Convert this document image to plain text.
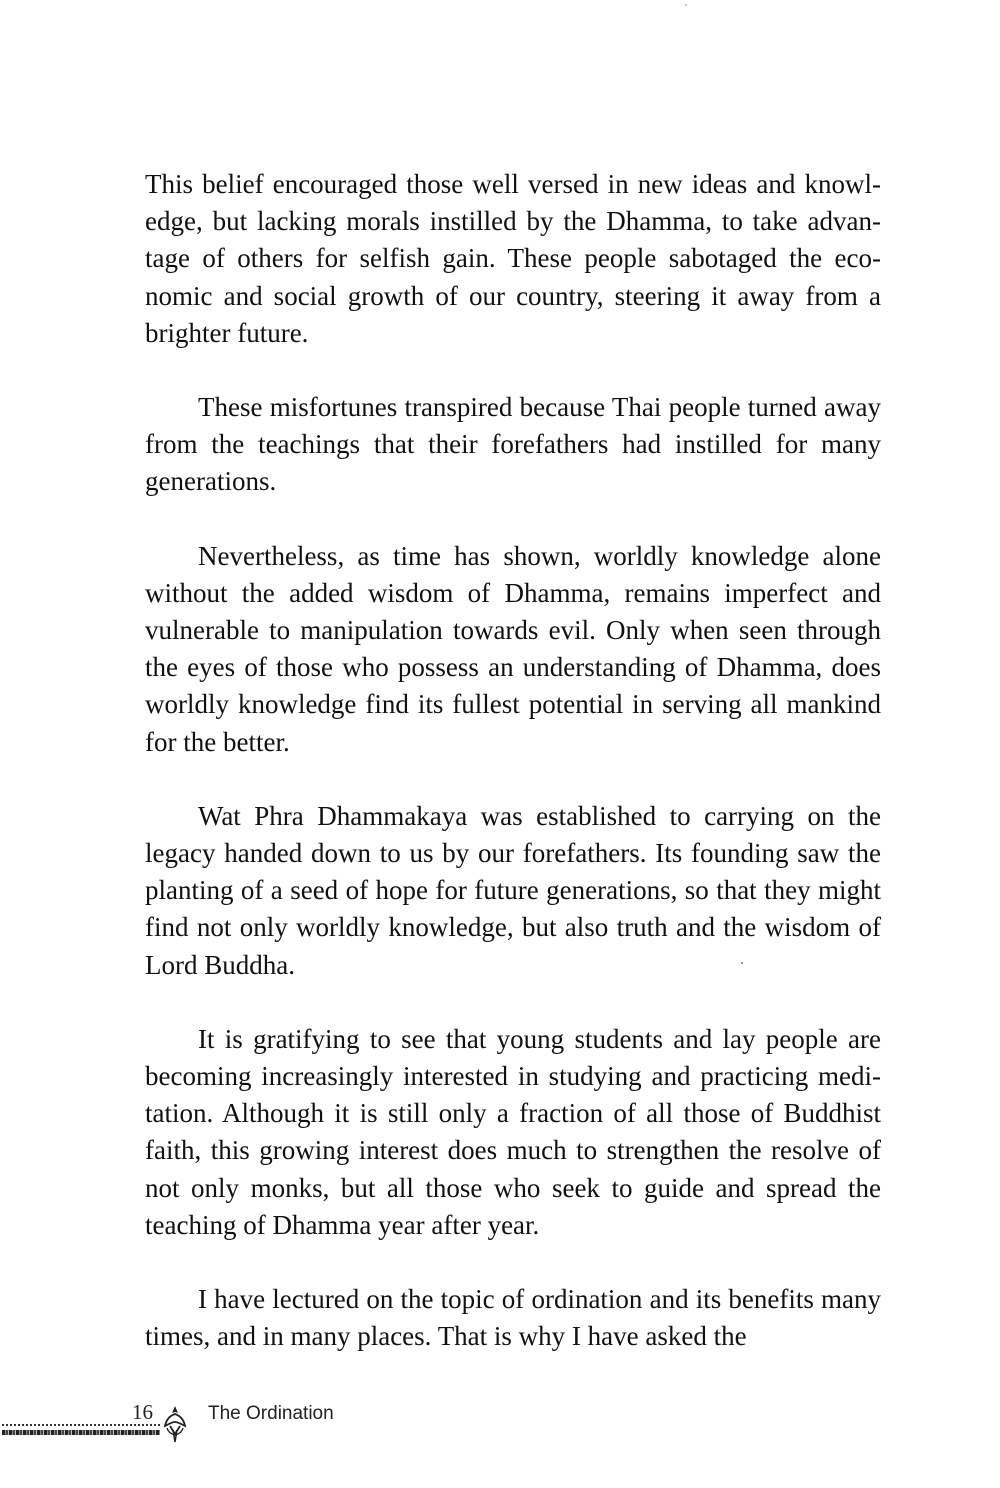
This belief encouraged those well versed in new ideas and knowledge, but lacking morals instilled by the Dhamma, to take advantage of others for selfish gain. These people sabotaged the economic and social growth of our country, steering it away from a brighter future.

These misfortunes transpired because Thai people turned away from the teachings that their forefathers had instilled for many generations.

Nevertheless, as time has shown, worldly knowledge alone without the added wisdom of Dhamma, remains imperfect and vulnerable to manipulation towards evil. Only when seen through the eyes of those who possess an understanding of Dhamma, does worldly knowledge find its fullest potential in serving all mankind for the better.

Wat Phra Dhammakaya was established to carrying on the legacy handed down to us by our forefathers. Its founding saw the planting of a seed of hope for future generations, so that they might find not only worldly knowledge, but also truth and the wisdom of Lord Buddha.

It is gratifying to see that young students and lay people are becoming increasingly interested in studying and practicing meditation. Although it is still only a fraction of all those of Buddhist faith, this growing interest does much to strengthen the resolve of not only monks, but all those who seek to guide and spread the teaching of Dhamma year after year.

I have lectured on the topic of ordination and its benefits many times, and in many places. That is why I have asked the

16	The Ordination
